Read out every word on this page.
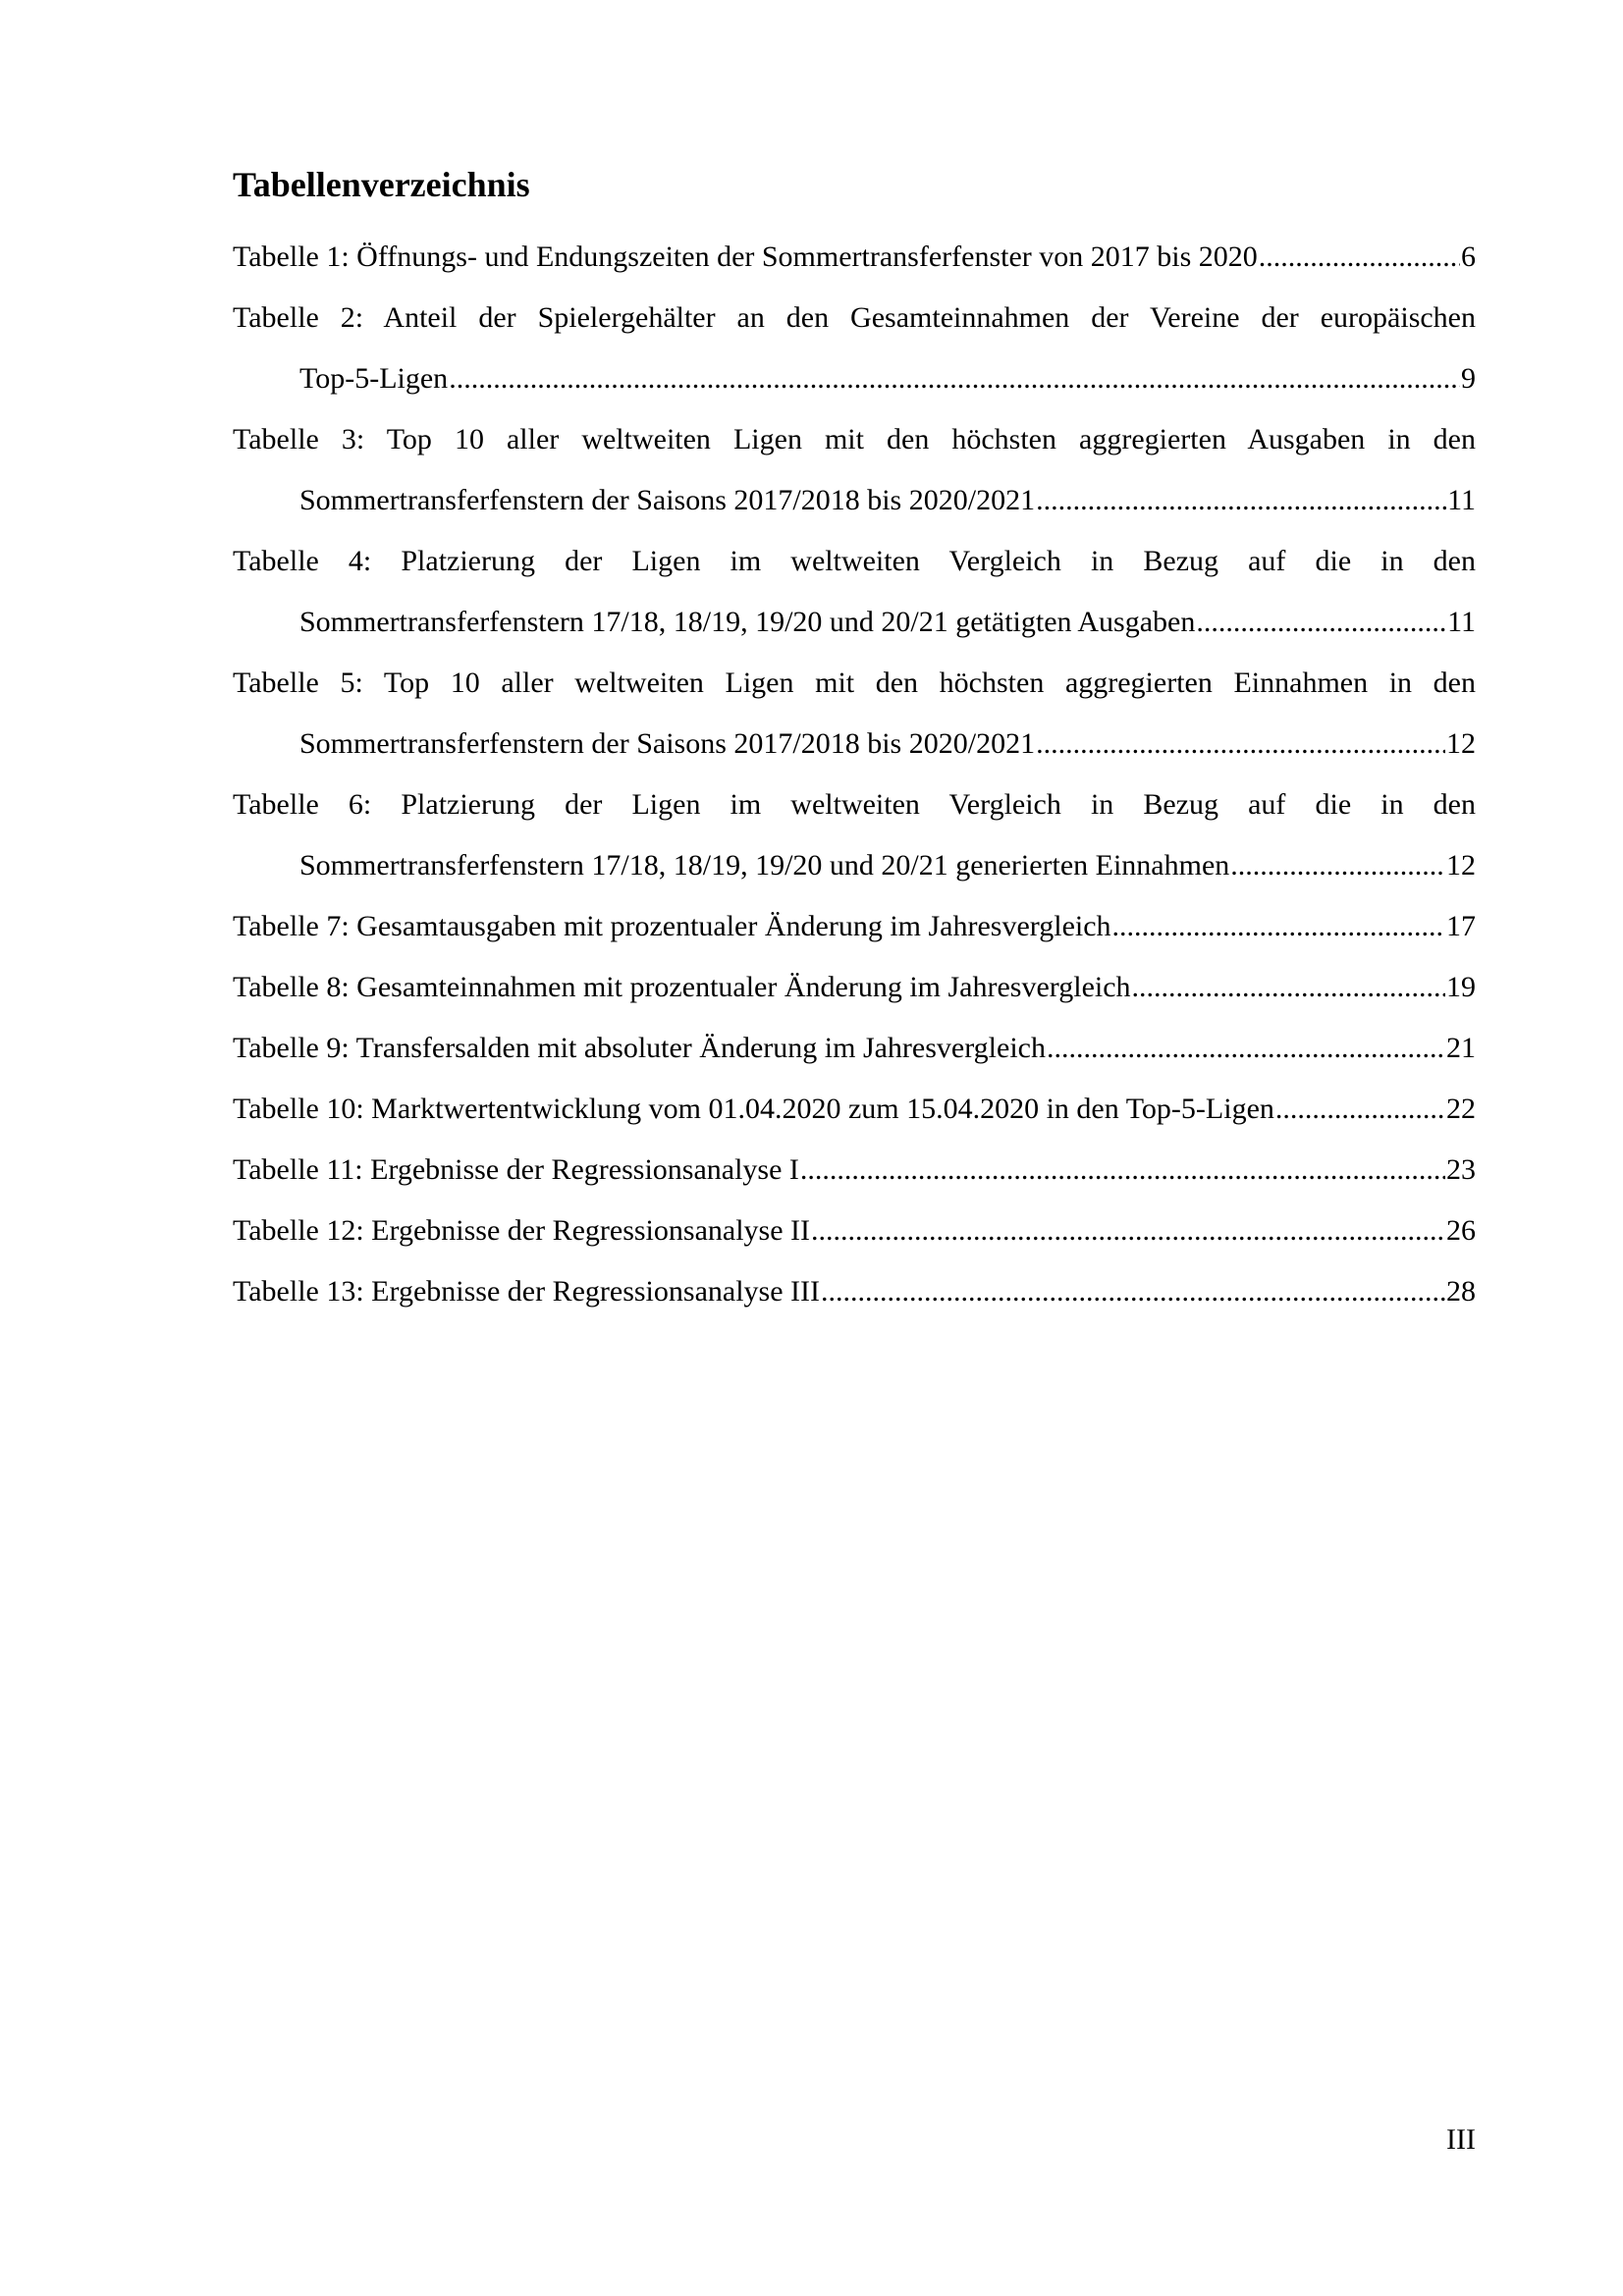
Tabellenverzeichnis
Tabelle 1: Öffnungs- und Endungszeiten der Sommertransferfenster von 2017 bis 2020 .....	6
Tabelle 2: Anteil der Spielergehälter an den Gesamteinnahmen der Vereine der europäischen
Top-5-Ligen .....	9
Tabelle 3: Top 10 aller weltweiten Ligen mit den höchsten aggregierten Ausgaben in den
Sommertransferfenstern der Saisons 2017/2018 bis 2020/2021 .....	11
Tabelle 4: Platzierung der Ligen im weltweiten Vergleich in Bezug auf die in den
Sommertransferfenstern 17/18, 18/19, 19/20 und 20/21 getätigten Ausgaben .....	11
Tabelle 5: Top 10 aller weltweiten Ligen mit den höchsten aggregierten Einnahmen in den
Sommertransferfenstern der Saisons 2017/2018 bis 2020/2021 .....	12
Tabelle 6: Platzierung der Ligen im weltweiten Vergleich in Bezug auf die in den
Sommertransferfenstern 17/18, 18/19, 19/20 und 20/21 generierten Einnahmen .....	12
Tabelle 7: Gesamtausgaben mit prozentualer Änderung im Jahresvergleich .....	17
Tabelle 8: Gesamteinnahmen mit prozentualer Änderung im Jahresvergleich .....	19
Tabelle 9: Transfersalden mit absoluter Änderung im Jahresvergleich .....	21
Tabelle 10: Marktwertentwicklung vom 01.04.2020 zum 15.04.2020 in den Top-5-Ligen .....	22
Tabelle 11: Ergebnisse der Regressionsanalyse I .....	23
Tabelle 12: Ergebnisse der Regressionsanalyse II .....	26
Tabelle 13: Ergebnisse der Regressionsanalyse III .....	28
III
